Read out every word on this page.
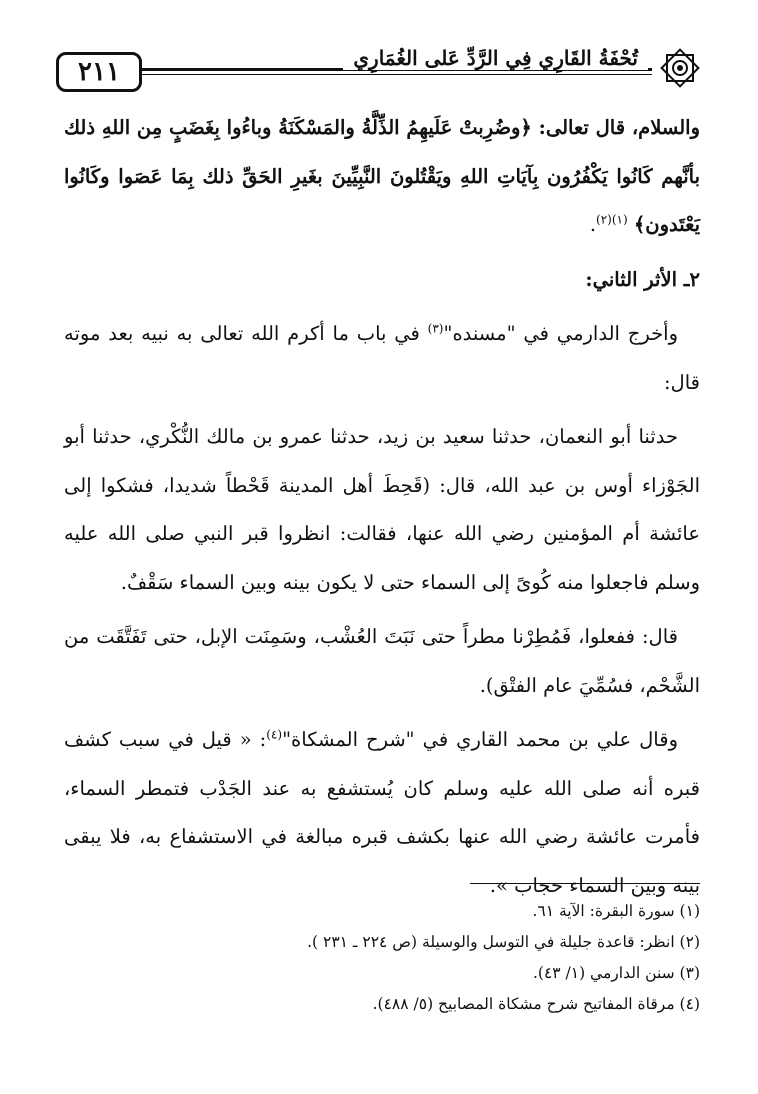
٢١١	تُحْفَةُ القَارِي فِي الرَّدِّ عَلى الغُمَارِي

والسلام، قال تعالى: ﴿وضُرِبتْ عَلَيهِمُ الذِّلَّةُ والمَسْكَنَةُ وباءُوا بِغَضَبٍ مِن اللهِ ذلك بأنَّهم كَانُوا يَكْفُرُون بِآيَاتِ اللهِ ويَقْتُلونَ النَّبِيِّينَ بغَيرِ الحَقِّ ذلك بِمَا عَصَوا وكَانُوا يَعْتَدون﴾ $^{(١)(٢)}$.

٢ـ الأثر الثاني:

وأخرج الدارمي في "مسنده"$^{(٣)}$ في باب ما أكرم الله تعالى به نبيه بعد موته قال:

حدثنا أبو النعمان، حدثنا سعيد بن زيد، حدثنا عمرو بن مالك النُّكْري، حدثنا أبو الجَوْزاء أوس بن عبد الله، قال: (قَحِطَ أهل المدينة قَحْطاً شديدا، فشكوا إلى عائشة أم المؤمنين رضي الله عنها، فقالت: انظروا قبر النبي صلى الله عليه وسلم فاجعلوا منه كُوىً إلى السماء حتى لا يكون بينه وبين السماء سَقْفٌ.

قال: ففعلوا، فَمُطِرْنا مطراً حتى نَبَتَ العُشْب، وسَمِنَت الإبل، حتى تَفَتَّقَت من الشَّحْم، فسُمِّيَ عام الفتْق).

وقال علي بن محمد القاري في "شرح المشكاة"$^{(٤)}$: « قيل في سبب كشف قبره أنه صلى الله عليه وسلم كان يُستشفع به عند الجَدْب فتمطر السماء، فأمرت عائشة رضي الله عنها بكشف قبره مبالغة في الاستشفاع به، فلا يبقى بينه وبين السماء حجاب ».

(١) سورة البقرة: الآية ٦١.
(٢) انظر: قاعدة جليلة في التوسل والوسيلة (ص ٢٢٤ ـ ٢٣١ ).
(٣) سنن الدارمي (١/ ٤٣).
(٤) مرقاة المفاتيح شرح مشكاة المصابيح (٥/ ٤٨٨).
